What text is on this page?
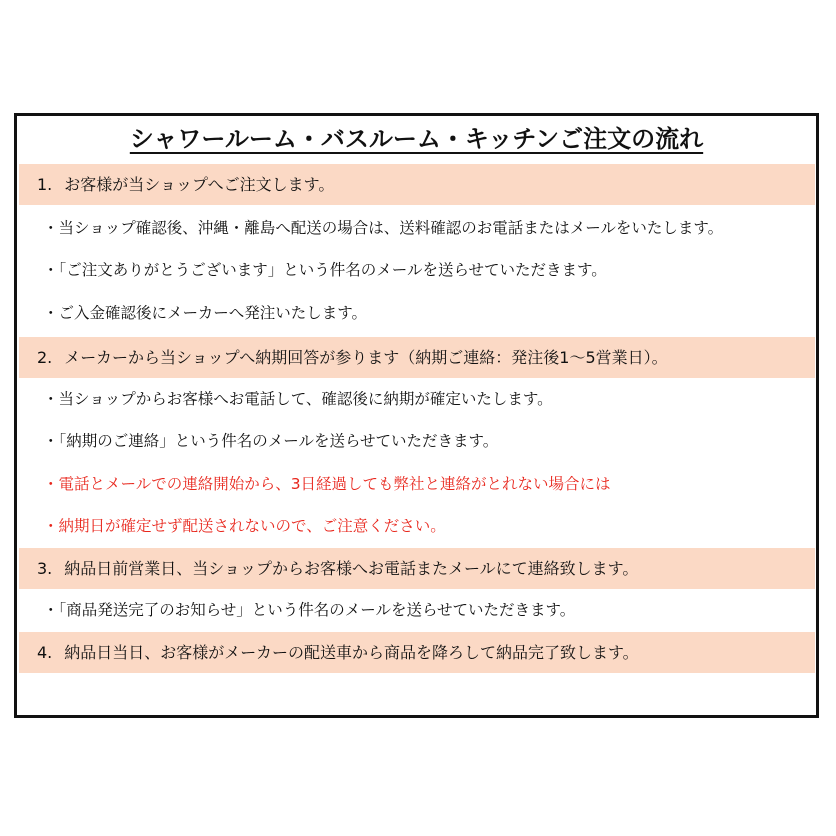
シャワールーム・バスルーム・キッチンご注文の流れ
1. お客様が当ショップへご注文します。
・当ショップ確認後、沖縄・離島へ配送の場合は、送料確認のお電話またはメールをいたします。
・「ご注文ありがとうございます」という件名のメールを送らせていただきます。
・ご入金確認後にメーカーへ発注いたします。
2. メーカーから当ショップへ納期回答が参ります（納期ご連絡：発注後1～5営業日）。
・当ショップからお客様へお電話して、確認後に納期が確定いたします。
・「納期のご連絡」という件名のメールを送らせていただきます。
・電話とメールでの連絡開始から、3日経過しても弊社と連絡がとれない場合には
・納期日が確定せず配送されないので、ご注意ください。
3. 納品日前営業日、当ショップからお客様へお電話またメールにて連絡致します。
・「商品発送完了のお知らせ」という件名のメールを送らせていただきます。
4. 納品日当日、お客様がメーカーの配送車から商品を降ろして納品完了致します。
